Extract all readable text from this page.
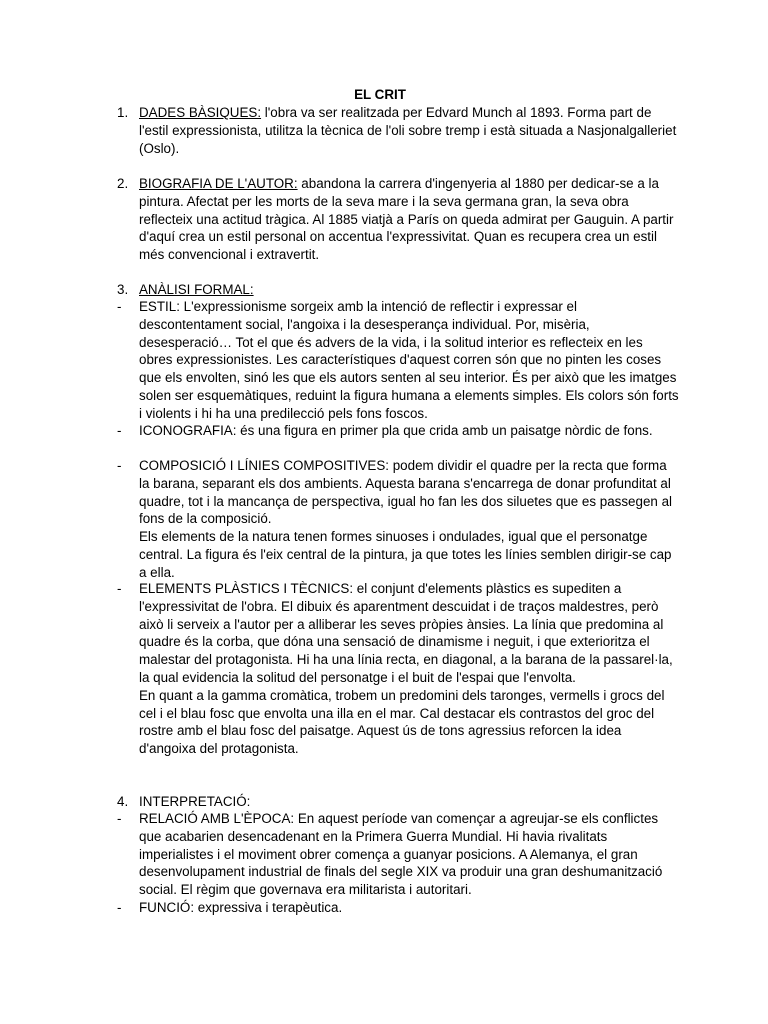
EL CRIT
1. DADES BÀSIQUES: l'obra va ser realitzada per Edvard Munch al 1893. Forma part de l'estil expressionista, utilitza la tècnica de l'oli sobre tremp i està situada a Nasjonalgalleriet (Oslo).
2. BIOGRAFIA DE L'AUTOR: abandona la carrera d'ingenyeria al 1880 per dedicar-se a la pintura. Afectat per les morts de la seva mare i la seva germana gran, la seva obra reflecteix una actitud tràgica. Al 1885 viatjà a París on queda admirat per Gauguin. A partir d'aquí crea un estil personal on accentua l'expressivitat. Quan es recupera crea un estil més convencional i extravertit.
3. ANÀLISI FORMAL:
- ESTIL: L'expressionisme sorgeix amb la intenció de reflectir i expressar el descontentament social, l'angoixa i la desesperança individual. Por, misèria, desesperació… Tot el que és advers de la vida, i la solitud interior es reflecteix en les obres expressionistes. Les característiques d'aquest corren són que no pinten les coses que els envolten, sinó les que els autors senten al seu interior. És per això que les imatges solen ser esquemàtiques, reduint la figura humana a elements simples. Els colors són forts i violents i hi ha una predilecció pels fons foscos.

- ICONOGRAFIA: és una figura en primer pla que crida amb un paisatge nòrdic de fons.

- COMPOSICIÓ I LÍNIES COMPOSITIVES: podem dividir el quadre per la recta que forma la barana, separant els dos ambients. Aquesta barana s'encarrega de donar profunditat al quadre, tot i la mancança de perspectiva, igual ho fan les dos siluetes que es passegen al fons de la composició.

Els elements de la natura tenen formes sinuoses i ondulades, igual que el personatge central. La figura és l'eix central de la pintura, ja que totes les línies semblen dirigir-se cap a ella.

- ELEMENTS PLÀSTICS I TÈCNICS: el conjunt d'elements plàstics es supediten a l'expressivitat de l'obra. El dibuix és aparentment descuidat i de traços maldestres, però això li serveix a l'autor per a alliberar les seves pròpies ànsies. La línia que predomina al quadre és la corba, que dóna una sensació de dinamisme i neguit, i que exterioritza el malestar del protagonista. Hi ha una línia recta, en diagonal, a la barana de la passarel·la, la qual evidencia la solitud del personatge i el buit de l'espai que l'envolta.

En quant a la gamma cromàtica, trobem un predomini dels taronges, vermells i grocs del cel i el blau fosc que envolta una illa en el mar. Cal destacar els contrastos del groc del rostre amb el blau fosc del paisatge. Aquest ús de tons agressius reforcen la idea d'angoixa del protagonista.

4. INTERPRETACIÓ:
- RELACIÓ AMB L'ÈPOCA: En aquest període van començar a agreujar-se els conflictes que acabarien desencadenant en la Primera Guerra Mundial. Hi havia rivalitats imperialistes i el moviment obrer comença a guanyar posicions. A Alemanya, el gran desenvolupament industrial de finals del segle XIX va produir una gran deshumanització social. El règim que governava era militarista i autoritari.

- FUNCIÓ: expressiva i terapèutica.
